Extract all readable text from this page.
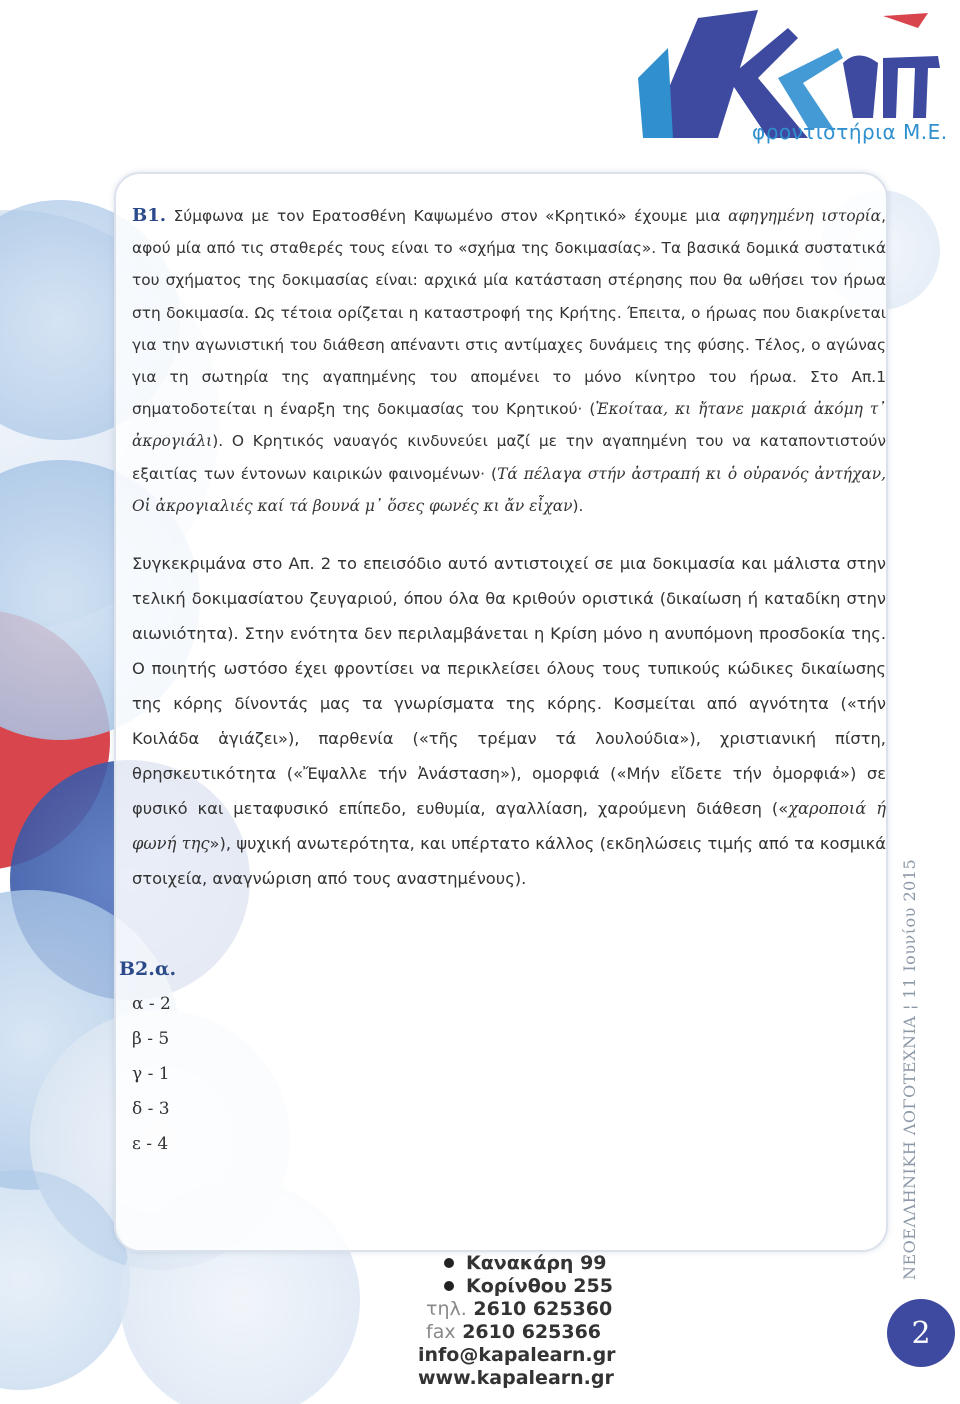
φροντιστήρια Μ.Ε.

Β1. Σύμφωνα με τον Ερατοσθένη Καψωμένο στον «Κρητικό» έχουμε μια αφηγημένη ιστορία, αφού μία από τις σταθερές τους είναι το «σχήμα της δοκιμασίας». Τα βασικά δομικά συστατικά του σχήματος της δοκιμασίας είναι: αρχικά μία κατάσταση στέρησης που θα ωθήσει τον ήρωα στη δοκιμασία. Ως τέτοια ορίζεται η καταστροφή της Κρήτης. Έπειτα, ο ήρωας που διακρίνεται για την αγωνιστική του διάθεση απέναντι στις αντίμαχες δυνάμεις της φύσης. Τέλος, ο αγώνας για τη σωτηρία της αγαπημένης του απομένει το μόνο κίνητρο του ήρωα. Στο Απ.1 σηματοδοτείται η έναρξη της δοκιμασίας του Κρητικού· (Ἐκοίταα, κι ἤτανε μακριά ἀκόμη τ᾽ ἀκρογιάλι). Ο Κρητικός ναυαγός κινδυνεύει μαζί με την αγαπημένη του να καταποντιστούν εξαιτίας των έντονων καιρικών φαινομένων· (Τά πέλαγα στήν ἀστραπή κι ὁ οὐρανός ἀντήχαν, Οἱ ἀκρογιαλιές καί τά βουνά μ᾽ ὅσες φωνές κι ἄν εἶχαν).

Συγκεκριμάνα στο Απ. 2 το επεισόδιο αυτό αντιστοιχεί σε μια δοκιμασία και μάλιστα στην τελική δοκιμασίατου ζευγαριού, όπου όλα θα κριθούν οριστικά (δικαίωση ή καταδίκη στην αιωνιότητα). Στην ενότητα δεν περιλαμβάνεται η Κρίση μόνο η ανυπόμονη προσδοκία της. Ο ποιητής ωστόσο έχει φροντίσει να περικλείσει όλους τους τυπικούς κώδικες δικαίωσης της κόρης δίνοντάς μας τα γνωρίσματα της κόρης. Κοσμείται από αγνότητα («τήν Κοιλάδα ἁγιάζει»), παρθενία («τῆς τρέμαν τά λουλούδια»), χριστιανική πίστη, θρησκευτικότητα («Ἔψαλλε τήν Ἀνάσταση»), ομορφιά («Μήν εἴδετε τήν ὀμορφιά») σε φυσικό και μεταφυσικό επίπεδο, ευθυμία, αγαλλίαση, χαρούμενη διάθεση («χαροποιά ή φωνή της»), ψυχική ανωτερότητα, και υπέρτατο κάλλος (εκδηλώσεις τιμής από τα κοσμικά στοιχεία, αναγνώριση από τους αναστημένους).

Β2.α.
α - 2
β - 5
γ - 1
δ - 3
ε - 4
Κανακάρη 99
Κορίνθου 255
τηλ. 2610 625360
fax 2610 625366
info@kapalearn.gr
www.kapalearn.gr
ΝΕΟΕΛΛΗΝΙΚΗ ΛΟΓΟΤΕΧΝΙΑ ¦ 11 Ιουνίου 2015
2
